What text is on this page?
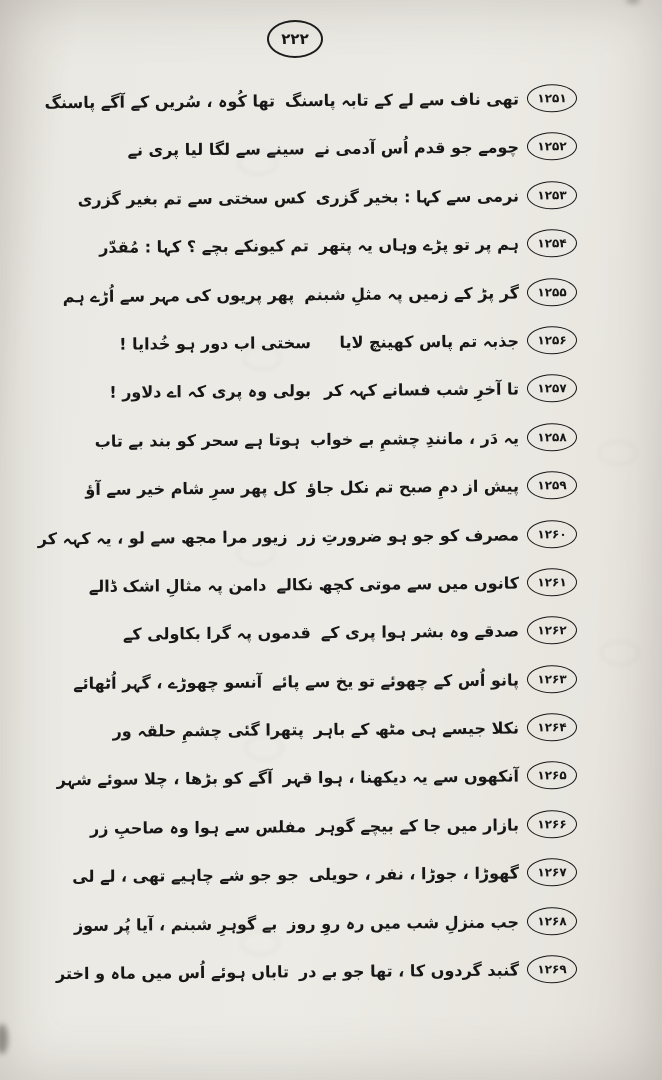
۲۲۲
۱۲۵۱
تھی ناف سے لے کے تابہ پاسنگ
تھا کُوہ ، سُریں کے آگے پاسنگ
۱۲۵۲
چومے جو قدم اُس آدمی نے
سینے سے لگا لیا پری نے
۱۲۵۳
نرمی سے کہا : بخیر گزری
کس سختی سے تم بغیر گزری
۱۲۵۴
ہم پر تو پڑے وہاں یہ پتھر
تم کیونکے بچے ؟ کہا : مُقدّر
۱۲۵۵
گر پڑ کے زمیں پہ مثلِ شبنم
پھر پریوں کی مہر سے اُڑے ہم
۱۲۵۶
جذبہ تم پاس کھینچ لایا
سختی اب دور ہو خُدایا !
۱۲۵۷
تا آخرِ شب فسانے کہہ کر
بولی وہ پری کہ اے دلاور !
۱۲۵۸
یہ دَر ، مانندِ چشمِ بے خواب
ہوتا ہے سحر کو بند بے تاب
۱۲۵۹
پیش از دمِ صبح تم نکل جاؤ
کل پھر سرِ شام خیر سے آؤ
۱۲۶۰
مصرف کو جو ہو ضرورتِ زر
زیور مرا مجھ سے لو ، یہ کہہ کر
۱۲۶۱
کانوں میں سے موتی کچھ نکالے
دامن پہ مثالِ اشک ڈالے
۱۲۶۲
صدقے وہ بشر ہوا پری کے
قدموں پہ گرا بکاولی کے
۱۲۶۳
پانو اُس کے چھوئے تو یخ سے پائے
آنسو چھوڑے ، گہر اُٹھائے
۱۲۶۴
نکلا جیسے ہی مٹھ کے باہر
پتھرا گئی چشمِ حلقہ ور
۱۲۶۵
آنکھوں سے یہ دیکھنا ، ہوا قہر
آگے کو بڑھا ، چلا سوئے شہر
۱۲۶۶
بازار میں جا کے بیچے گوہر
مفلس سے ہوا وہ صاحبِ زر
۱۲۶۷
گھوڑا ، جوڑا ، نفر ، حویلی
جو جو شے چاہیے تھی ، لے لی
۱۲۶۸
جب منزلِ شب میں رہ روِ روز
بے گوہرِ شبنم ، آیا پُر سوز
۱۲۶۹
گنبد گردوں کا ، تھا جو بے در
تاباں ہوئے اُس میں ماہ و اختر
